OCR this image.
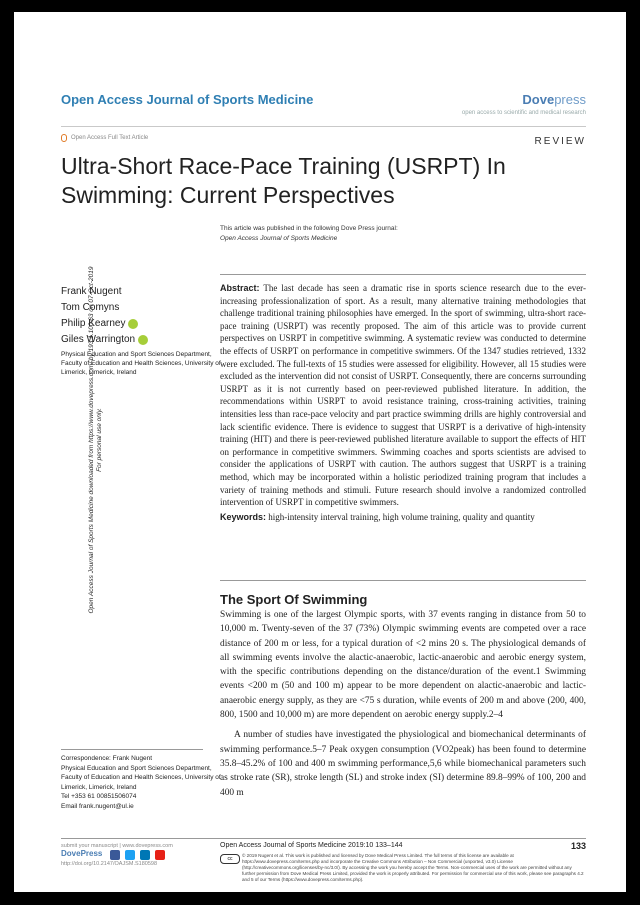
Open Access Journal of Sports Medicine downloaded from https://www.dovepress.com/ by 193.1.100.63 on 07-Oct-2019 For personal use only.
Open Access Journal of Sports Medicine	Dovepress
open access to scientific and medical research
Open Access Full Text Article	REVIEW
Ultra-Short Race-Pace Training (USRPT) In Swimming: Current Perspectives
This article was published in the following Dove Press journal:
Open Access Journal of Sports Medicine
Frank Nugent
Tom Comyns
Philip Kearney
Giles Warrington
Physical Education and Sport Sciences Department, Faculty of Education and Health Sciences, University of Limerick, Limerick, Ireland
Abstract: The last decade has seen a dramatic rise in sports science research due to the ever-increasing professionalization of sport. As a result, many alternative training methodologies that challenge traditional training philosophies have emerged. In the sport of swimming, ultra-short race-pace training (USRPT) was recently proposed. The aim of this article was to provide current perspectives on USRPT in competitive swimming. A systematic review was conducted to determine the effects of USRPT on performance in competitive swimmers. Of the 1347 studies retrieved, 1332 were excluded. The full-texts of 15 studies were assessed for eligibility. However, all 15 studies were excluded as the intervention did not consist of USRPT. Consequently, there are concerns surrounding USRPT as it is not currently based on peer-reviewed published literature. In addition, the recommendations within USRPT to avoid resistance training, cross-training activities, training intensities less than race-pace velocity and part practice swimming drills are highly controversial and lack scientific evidence. There is evidence to suggest that USRPT is a derivative of high-intensity training (HIT) and there is peer-reviewed published literature available to support the effects of HIT on performance in competitive swimmers. Swimming coaches and sports scientists are advised to consider the applications of USRPT with caution. The authors suggest that USRPT is a training method, which may be incorporated within a holistic periodized training program that includes a variety of training methods and stimuli. Future research should involve a randomized controlled intervention of USRPT in competitive swimmers.
Keywords: high-intensity interval training, high volume training, quality and quantity
The Sport Of Swimming

Swimming is one of the largest Olympic sports, with 37 events ranging in distance from 50 to 10,000 m. Twenty-seven of the 37 (73%) Olympic swimming events are competed over a race distance of 200 m or less, for a typical duration of <2 mins 20 s. The physiological demands of all swimming events involve the alactic-anaerobic, lactic-anaerobic and aerobic energy system, with the specific contributions depending on the distance/duration of the event.1 Swimming events <200 m (50 and 100 m) appear to be more dependent on alactic-anaerobic and lactic-anaerobic energy supply, as they are <75 s duration, while events of 200 m and above (200, 400, 800, 1500 and 10,000 m) are more dependent on aerobic energy supply.2–4

A number of studies have investigated the physiological and biomechanical determinants of swimming performance.5–7 Peak oxygen consumption (VO2peak) has been found to determine 35.8–45.2% of 100 and 400 m swimming performance,5,6 while biomechanical parameters such as stroke rate (SR), stroke length (SL) and stroke index (SI) determine 89.8–99% of 100, 200 and 400 m

Correspondence: Frank Nugent
Physical Education and Sport Sciences Department, Faculty of Education and Health Sciences, University of Limerick, Limerick, Ireland
Tel +353 61 00851506074
Email frank.nugent@ul.ie
submit your manuscript | www.dovepress.com
DovePress
http://doi.org/10.2147/OAJSM.S180598
Open Access Journal of Sports Medicine 2019:10 133–144	133
cc
© 2019 Nugent et al. This work is published and licensed by Dove Medical Press Limited. The full terms of this license are available at https://www.dovepress.com/terms.php and incorporate the Creative Commons Attribution – Non Commercial (unported, v3.0) License (http://creativecommons.org/licenses/by-nc/3.0/). By accessing the work you hereby accept the Terms. Non-commercial uses of the work are permitted without any further permission from Dove Medical Press Limited, provided the work is properly attributed. For permission for commercial use of this work, please see paragraphs 4.2 and 5 of our Terms (https://www.dovepress.com/terms.php).
